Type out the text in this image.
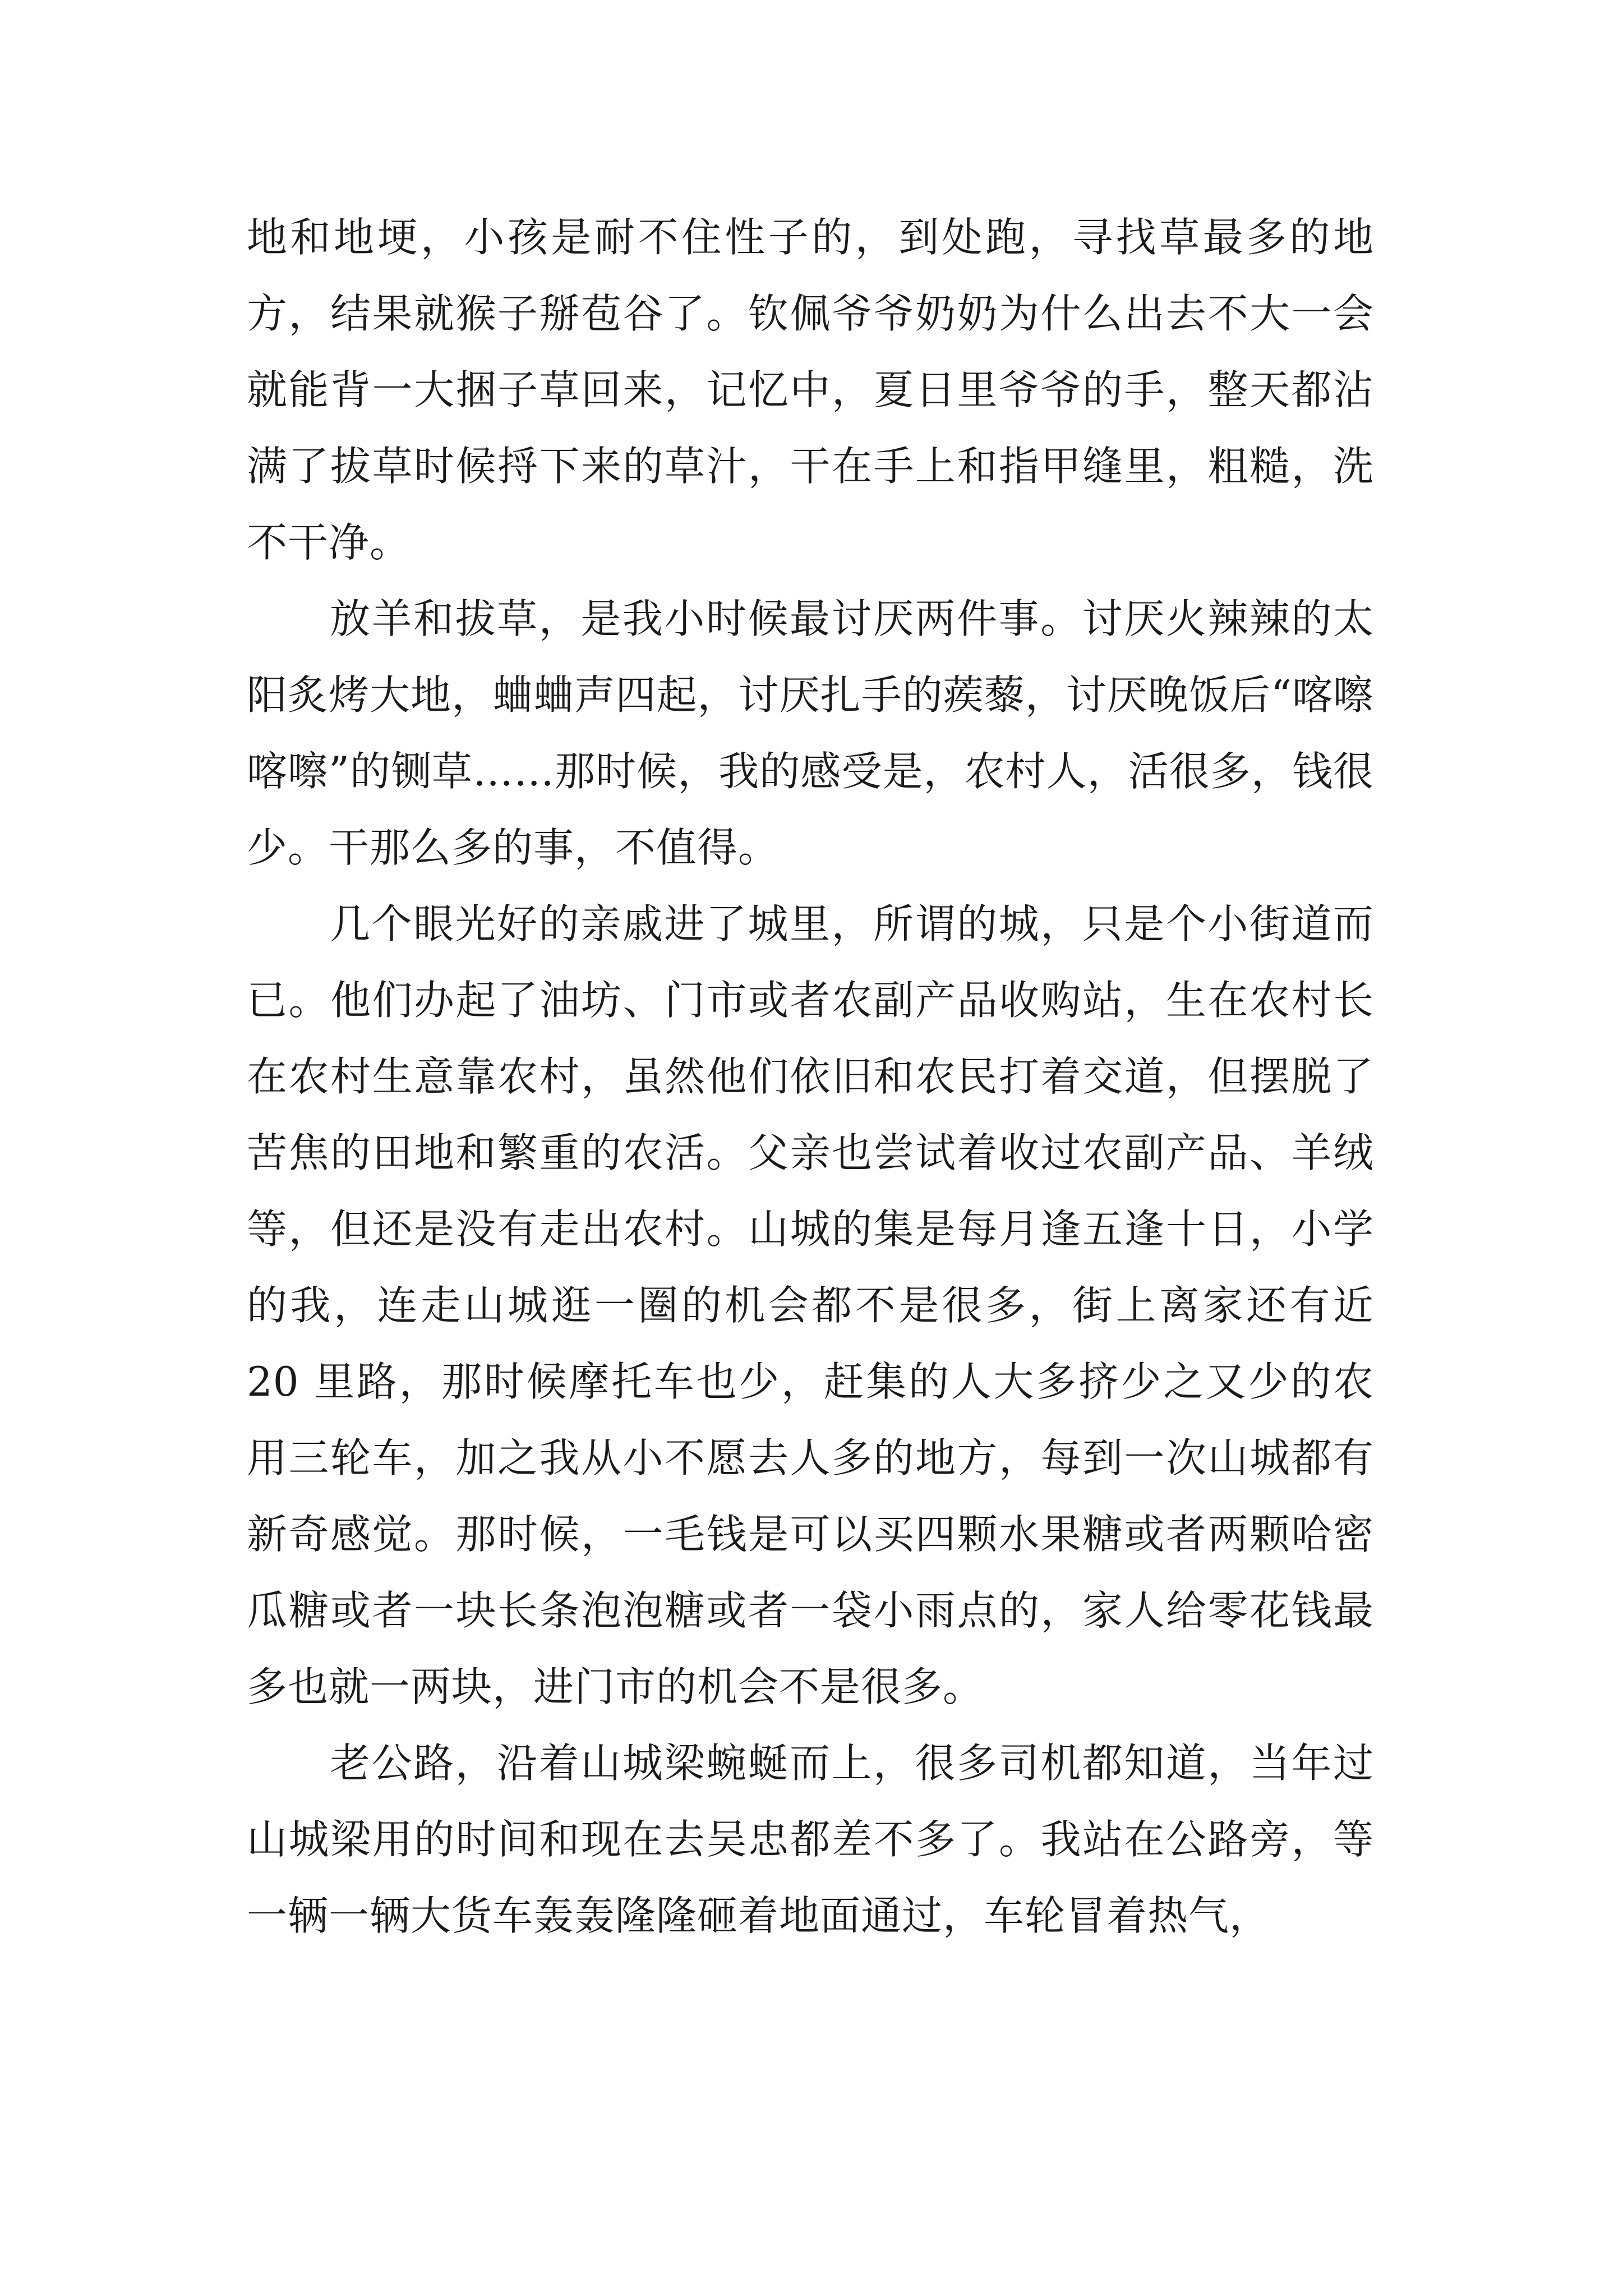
地和地埂，小孩是耐不住性子的，到处跑，寻找草最多的地方，结果就猴子掰苞谷了。钦佩爷爷奶奶为什么出去不大一会就能背一大捆子草回来，记忆中，夏日里爷爷的手，整天都沾满了拔草时候捋下来的草汁，干在手上和指甲缝里，粗糙，洗不干净。

放羊和拔草，是我小时候最讨厌两件事。讨厌火辣辣的太阳炙烤大地，蛐蛐声四起，讨厌扎手的蒺藜，讨厌晚饭后“喀嚓喀嚓”的铡草……那时候，我的感受是，农村人，活很多，钱很少。干那么多的事，不值得。

几个眼光好的亲戚进了城里，所谓的城，只是个小街道而已。他们办起了油坊、门市或者农副产品收购站，生在农村长在农村生意靠农村，虽然他们依旧和农民打着交道，但摆脱了苦焦的田地和繁重的农活。父亲也尝试着收过农副产品、羊绒等，但还是没有走出农村。山城的集是每月逢五逢十日，小学的我，连走山城逛一圈的机会都不是很多，街上离家还有近 20 里路，那时候摩托车也少，赶集的人大多挤少之又少的农用三轮车，加之我从小不愿去人多的地方，每到一次山城都有新奇感觉。那时候，一毛钱是可以买四颗水果糖或者两颗哈密瓜糖或者一块长条泡泡糖或者一袋小雨点的，家人给零花钱最多也就一两块，进门市的机会不是很多。

老公路，沿着山城梁蜿蜒而上，很多司机都知道，当年过山城梁用的时间和现在去吴忠都差不多了。我站在公路旁，等一辆一辆大货车轰轰隆隆砸着地面通过，车轮冒着热气，
